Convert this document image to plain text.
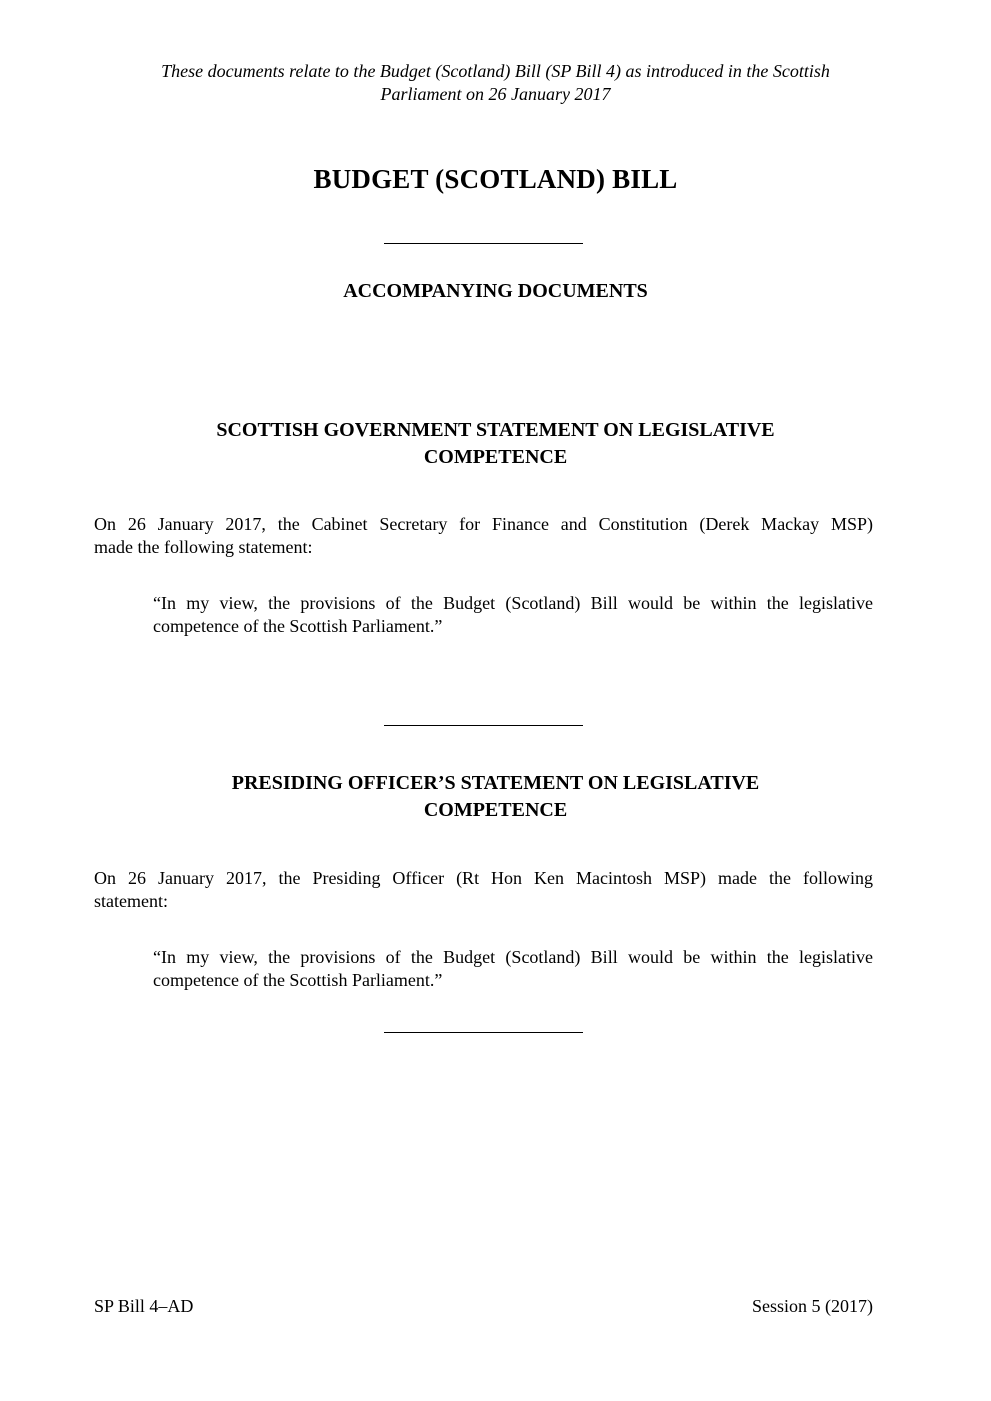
These documents relate to the Budget (Scotland) Bill (SP Bill 4) as introduced in the Scottish
Parliament on 26 January 2017
BUDGET (SCOTLAND) BILL
ACCOMPANYING DOCUMENTS
SCOTTISH GOVERNMENT STATEMENT ON LEGISLATIVE
COMPETENCE
On 26 January 2017, the Cabinet Secretary for Finance and Constitution (Derek Mackay MSP)
made the following statement:
“In my view, the provisions of the Budget (Scotland) Bill would be within the legislative
competence of the Scottish Parliament.”
PRESIDING OFFICER’S STATEMENT ON LEGISLATIVE
COMPETENCE
On 26 January 2017, the Presiding Officer (Rt Hon Ken Macintosh MSP) made the following
statement:
“In my view, the provisions of the Budget (Scotland) Bill would be within the legislative
competence of the Scottish Parliament.”
SP Bill 4–AD	Session 5 (2017)
